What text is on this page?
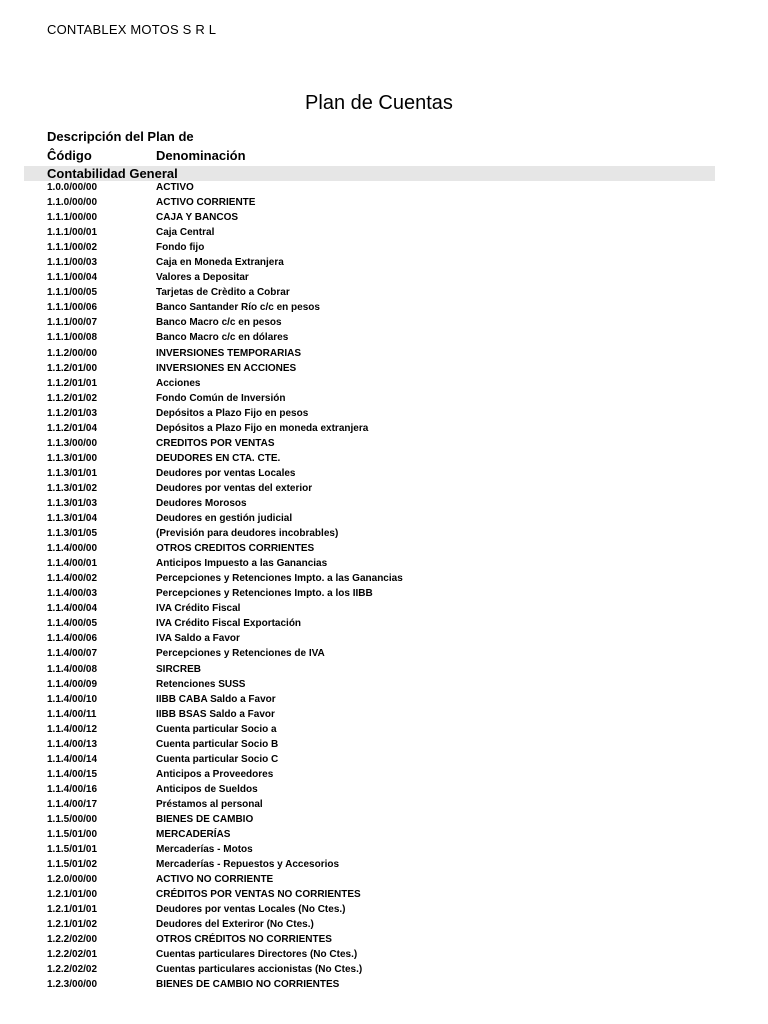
CONTABLEX MOTOS S R L
Plan de Cuentas
Descripción del Plan de
Ĉódigo	Denominación
Contabilidad General
1.0.0/00/00	ACTIVO
1.1.0/00/00	ACTIVO CORRIENTE
1.1.1/00/00	CAJA Y BANCOS
1.1.1/00/01	Caja Central
1.1.1/00/02	Fondo fijo
1.1.1/00/03	Caja en Moneda Extranjera
1.1.1/00/04	Valores a Depositar
1.1.1/00/05	Tarjetas de Crèdito a Cobrar
1.1.1/00/06	Banco Santander Río c/c en pesos
1.1.1/00/07	Banco Macro c/c en pesos
1.1.1/00/08	Banco Macro c/c en dólares
1.1.2/00/00	INVERSIONES TEMPORARIAS
1.1.2/01/00	INVERSIONES EN ACCIONES
1.1.2/01/01	Acciones
1.1.2/01/02	Fondo Común de Inversión
1.1.2/01/03	Depósitos a Plazo Fijo en pesos
1.1.2/01/04	Depósitos a Plazo Fijo en moneda extranjera
1.1.3/00/00	CREDITOS POR VENTAS
1.1.3/01/00	DEUDORES EN CTA. CTE.
1.1.3/01/01	Deudores por ventas Locales
1.1.3/01/02	Deudores por ventas del exterior
1.1.3/01/03	Deudores Morosos
1.1.3/01/04	Deudores en gestión judicial
1.1.3/01/05	(Previsión para deudores incobrables)
1.1.4/00/00	OTROS CREDITOS CORRIENTES
1.1.4/00/01	Anticipos Impuesto a las Ganancias
1.1.4/00/02	Percepciones y Retenciones Impto. a las Ganancias
1.1.4/00/03	Percepciones y Retenciones Impto. a los IIBB
1.1.4/00/04	IVA Crédito Fiscal
1.1.4/00/05	IVA Crédito Fiscal Exportación
1.1.4/00/06	IVA Saldo a Favor
1.1.4/00/07	Percepciones y Retenciones de IVA
1.1.4/00/08	SIRCREB
1.1.4/00/09	Retenciones SUSS
1.1.4/00/10	IIBB CABA Saldo a Favor
1.1.4/00/11	IIBB BSAS Saldo a Favor
1.1.4/00/12	Cuenta particular Socio a
1.1.4/00/13	Cuenta particular Socio B
1.1.4/00/14	Cuenta particular Socio C
1.1.4/00/15	Anticipos a Proveedores
1.1.4/00/16	Anticipos de Sueldos
1.1.4/00/17	Préstamos al personal
1.1.5/00/00	BIENES DE CAMBIO
1.1.5/01/00	MERCADERÍAS
1.1.5/01/01	Mercaderías - Motos
1.1.5/01/02	Mercaderías - Repuestos y Accesorios
1.2.0/00/00	ACTIVO NO CORRIENTE
1.2.1/01/00	CRÉDITOS POR VENTAS NO CORRIENTES
1.2.1/01/01	Deudores por ventas Locales (No Ctes.)
1.2.1/01/02	Deudores del Exteriror (No Ctes.)
1.2.2/02/00	OTROS CRÉDITOS NO CORRIENTES
1.2.2/02/01	Cuentas particulares Directores (No Ctes.)
1.2.2/02/02	Cuentas particulares accionistas (No Ctes.)
1.2.3/00/00	BIENES DE CAMBIO NO CORRIENTES
